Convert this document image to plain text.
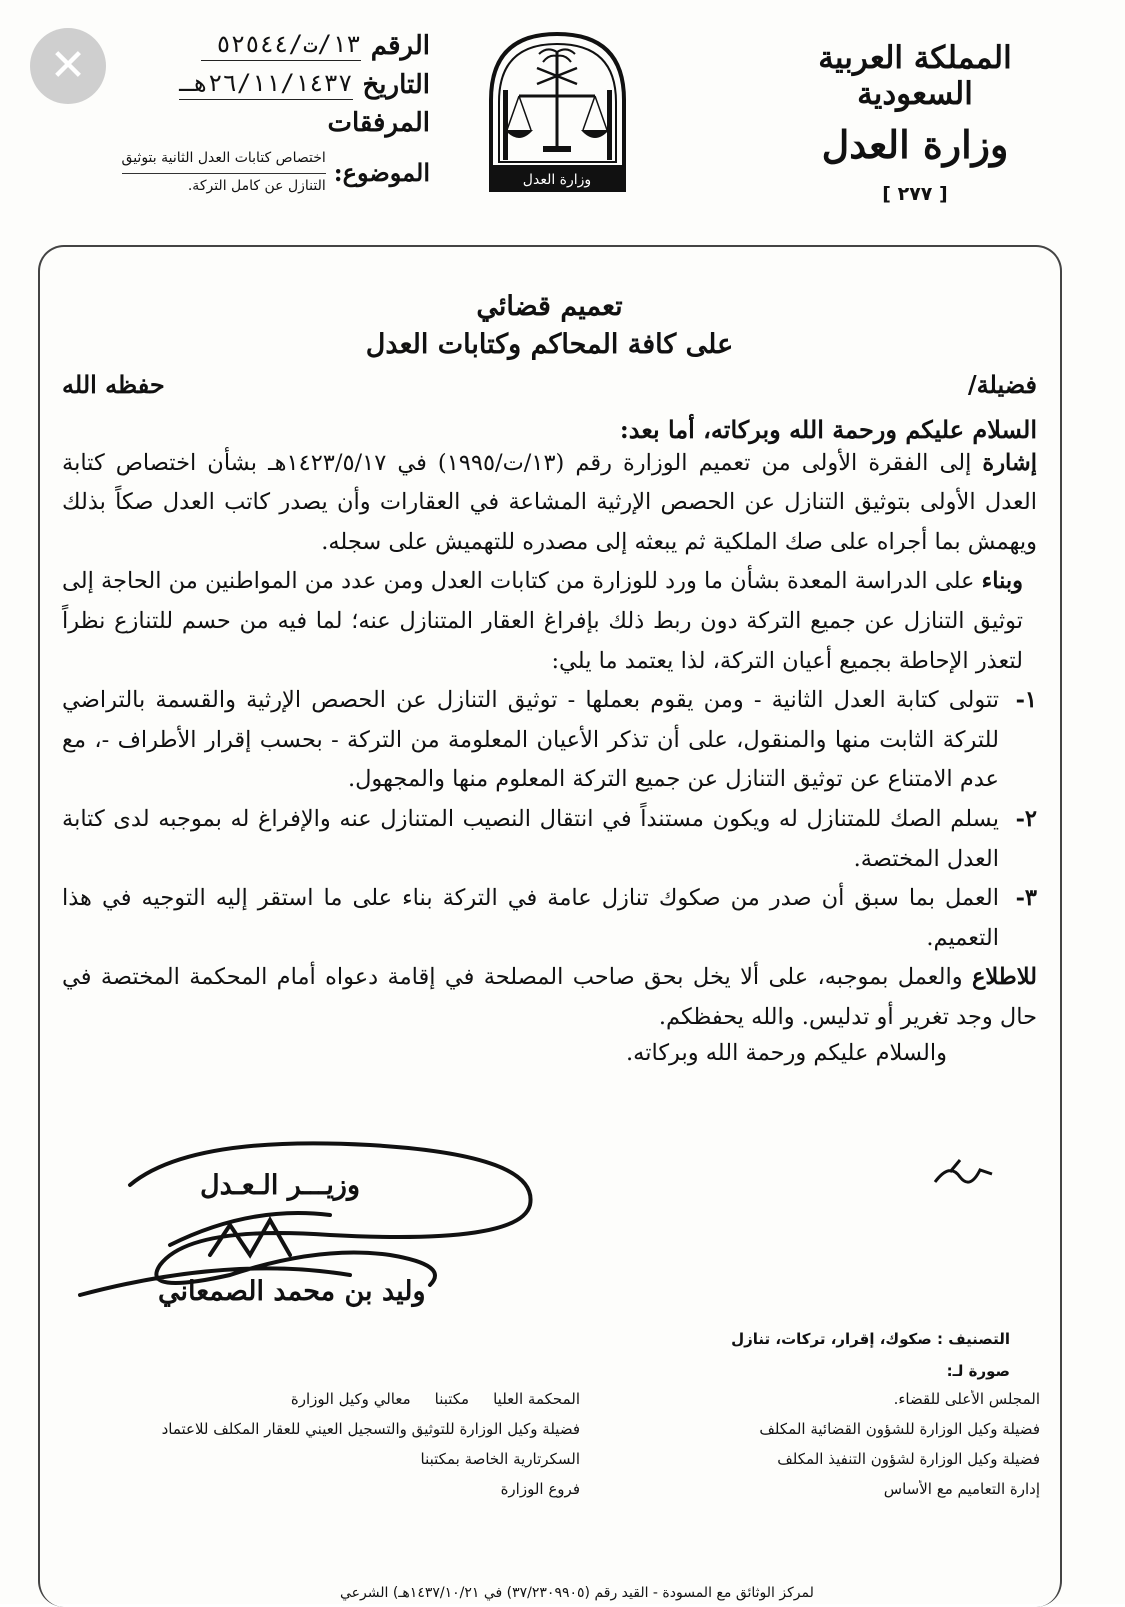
✕	المملكة العربية السعودية
وزارة العدل
[ ٢٧٧ ]
وزارة العدل
الرقم
١٣/ت/٥٢٥٤٤
التاريخ
٢٦/١١/١٤٣٧هـ
المرفقات
الموضوع:
اختصاص كتابات العدل الثانية بتوثيق
التنازل عن كامل التركة.
تعميم قضائي
على كافة المحاكم وكتابات العدل
فضيلة/
حفظه الله

السلام عليكم ورحمة الله وبركاته، أما بعد:

إشارة إلى الفقرة الأولى من تعميم الوزارة رقم (١٣/ت/١٩٩٥) في ١٤٢٣/٥/١٧هـ بشأن اختصاص كتابة العدل الأولى بتوثيق التنازل عن الحصص الإرثية المشاعة في العقارات وأن يصدر كاتب العدل صكاً بذلك ويهمش بما أجراه على صك الملكية ثم يبعثه إلى مصدره للتهميش على سجله.

وبناء على الدراسة المعدة بشأن ما ورد للوزارة من كتابات العدل ومن عدد من المواطنين من الحاجة إلى توثيق التنازل عن جميع التركة دون ربط ذلك بإفراغ العقار المتنازل عنه؛ لما فيه من حسم للتنازع نظراً لتعذر الإحاطة بجميع أعيان التركة، لذا يعتمد ما يلي:

١-
تتولى كتابة العدل الثانية - ومن يقوم بعملها - توثيق التنازل عن الحصص الإرثية والقسمة بالتراضي للتركة الثابت منها والمنقول، على أن تذكر الأعيان المعلومة من التركة - بحسب إقرار الأطراف -، مع عدم الامتناع عن توثيق التنازل عن جميع التركة المعلوم منها والمجهول.
٢-
يسلم الصك للمتنازل له ويكون مستنداً في انتقال النصيب المتنازل عنه والإفراغ له بموجبه لدى كتابة العدل المختصة.
٣-
العمل بما سبق أن صدر من صكوك تنازل عامة في التركة بناء على ما استقر إليه التوجيه في هذا التعميم.

للاطلاع والعمل بموجبه، على ألا يخل بحق صاحب المصلحة في إقامة دعواه أمام المحكمة المختصة في حال وجد تغرير أو تدليس. والله يحفظكم.

والسلام عليكم ورحمة الله وبركاته.

وزيـــر الـعـدل
وليد بن محمد الصمعاني
التصنيف : صكوك، إقرار، تركات، تنازل
صورة لـ:
المجلس الأعلى للقضاء.
المحكمة العليا
مكتبنا
معالي وكيل الوزارة
فضيلة وكيل الوزارة للشؤون القضائية المكلف
فضيلة وكيل الوزارة للتوثيق والتسجيل العيني للعقار المكلف للاعتماد
فضيلة وكيل الوزارة لشؤون التنفيذ المكلف
السكرتارية الخاصة بمكتبنا
إدارة التعاميم مع الأساس
فروع الوزارة
لمركز الوثائق مع المسودة - القيد رقم (٣٧/٢٣٠٩٩٠٥) في ١٤٣٧/١٠/٢١هـ) الشرعي
